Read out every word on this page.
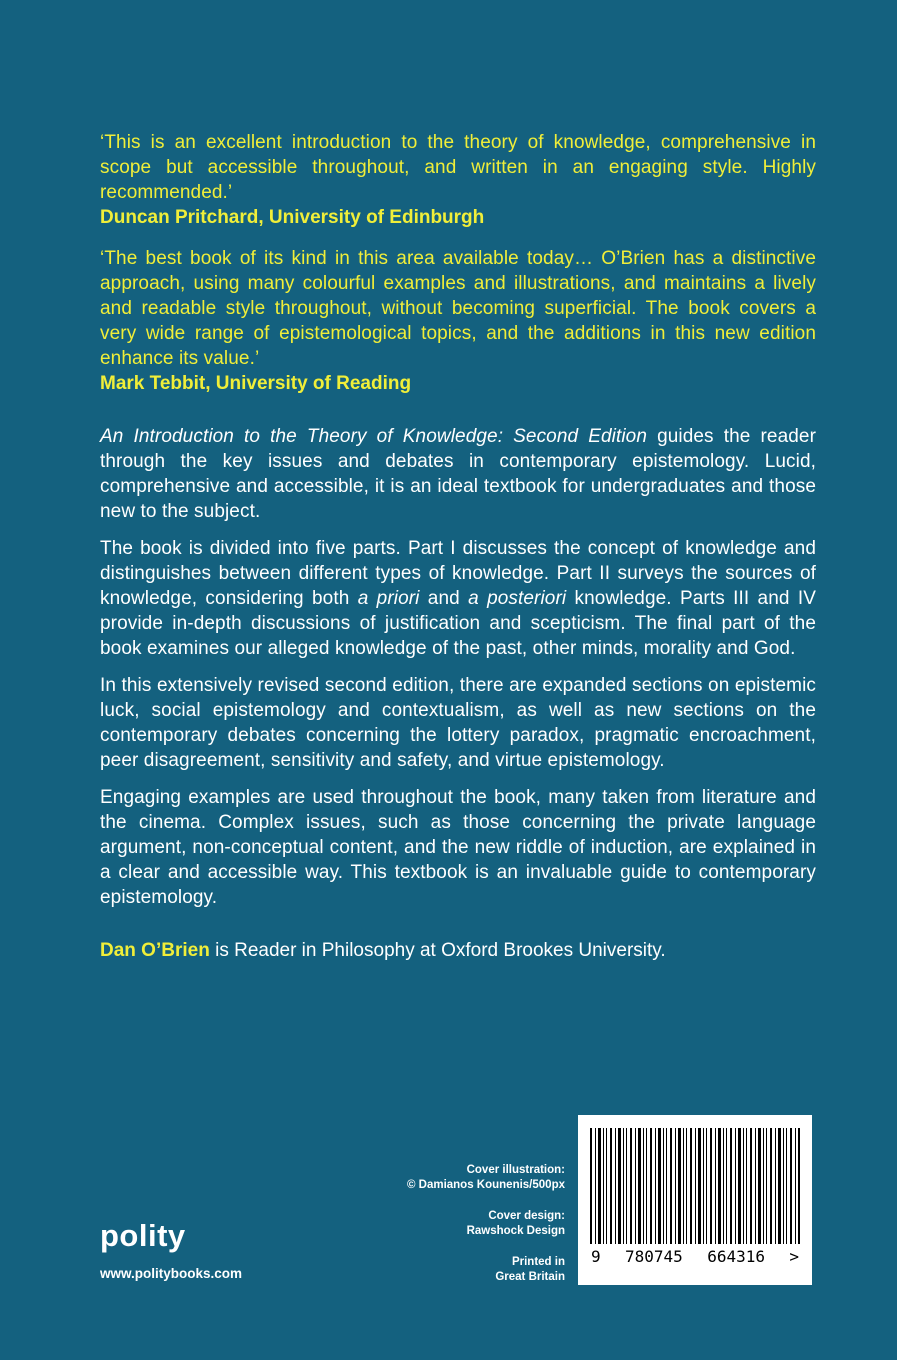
‘This is an excellent introduction to the theory of knowledge, comprehensive in scope but accessible throughout, and written in an engaging style. Highly recommended.’

Duncan Pritchard, University of Edinburgh

‘The best book of its kind in this area available today… O’Brien has a distinctive approach, using many colourful examples and illustrations, and maintains a lively and readable style throughout, without becoming superficial. The book covers a very wide range of epistemological topics, and the additions in this new edition enhance its value.’

Mark Tebbit, University of Reading

An Introduction to the Theory of Knowledge: Second Edition guides the reader through the key issues and debates in contemporary epistemology. Lucid, comprehensive and accessible, it is an ideal textbook for undergraduates and those new to the subject.

The book is divided into five parts. Part I discusses the concept of knowledge and distinguishes between different types of knowledge. Part II surveys the sources of knowledge, considering both a priori and a posteriori knowledge. Parts III and IV provide in-depth discussions of justification and scepticism. The final part of the book examines our alleged knowledge of the past, other minds, morality and God.

In this extensively revised second edition, there are expanded sections on epistemic luck, social epistemology and contextualism, as well as new sections on the contemporary debates concerning the lottery paradox, pragmatic encroachment, peer disagreement, sensitivity and safety, and virtue epistemology.

Engaging examples are used throughout the book, many taken from literature and the cinema. Complex issues, such as those concerning the private language argument, non-conceptual content, and the new riddle of induction, are explained in a clear and accessible way. This textbook is an invaluable guide to contemporary epistemology.

Dan O’Brien is Reader in Philosophy at Oxford Brookes University.

Cover illustration:

© Damianos Kounenis/500px

Cover design:

Rawshock Design

Printed in

Great Britain

9 780745 664316 >
polity
www.politybooks.com
